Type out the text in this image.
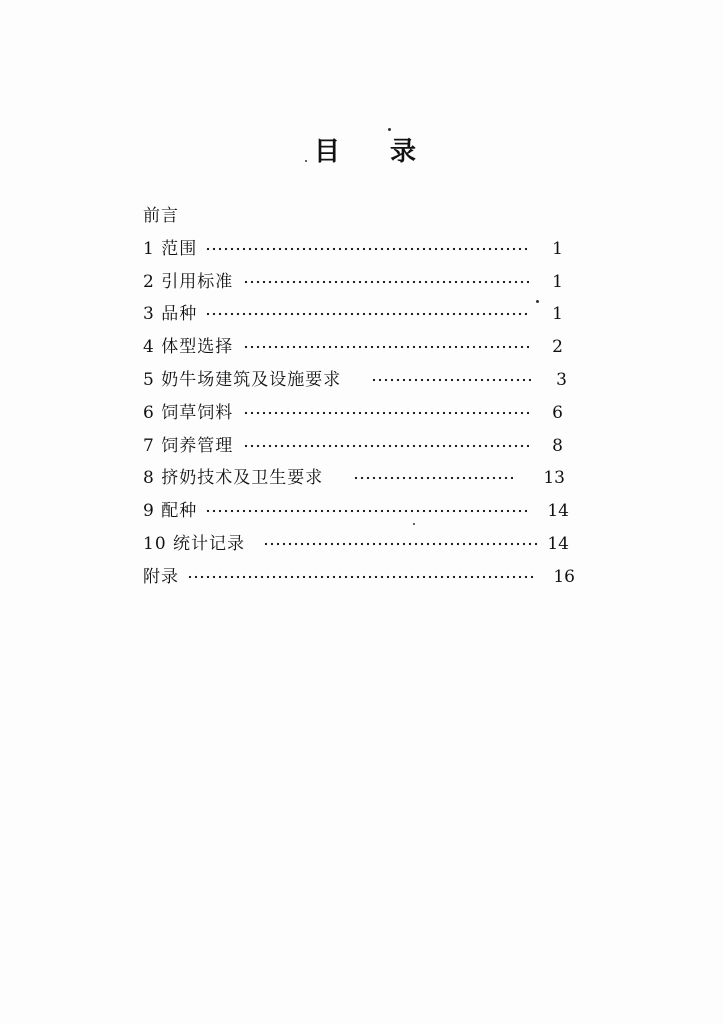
目 录
前言
1 范围	1
2 引用标准	1
3 品种	1
4 体型选择	2
5 奶牛场建筑及设施要求	3
6 饲草饲料	6
7 饲养管理	8
8 挤奶技术及卫生要求	13
9 配种	14
10 统计记录	14
附录	16
